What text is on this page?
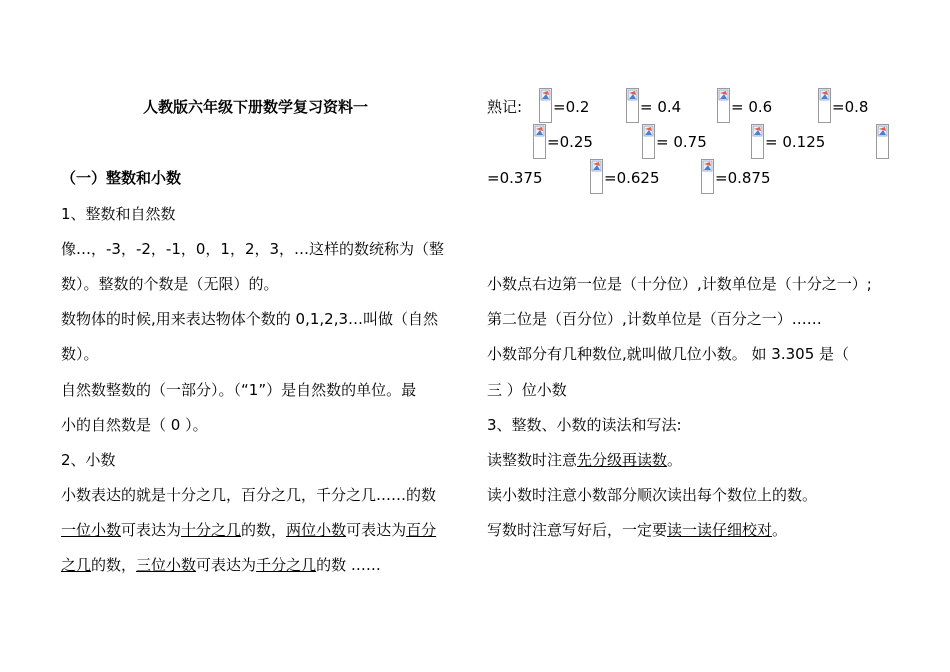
人教版六年级下册数学复习资料一
（一）整数和小数
1、整数和自然数
像…，-3，-2，-1，0，1，2，3，…这样的数统称为（整
数）。整数的个数是（无限）的。
数物体的时候,用来表达物体个数的 0,1,2,3…叫做（自然
数）。
自然数整数的（一部分）。（“1”）是自然数的单位。最
小的自然数是（ 0 ）。
2、小数
小数表达的就是十分之几，百分之几，千分之几……的数
一位小数可表达为十分之几的数，两位小数可表达为百分
之几的数，三位小数可表达为千分之几的数 ……
熟记: =0.2	= 0.4	= 0.6	=0.8
=0.25	= 0.75	= 0.125
=0.375	=0.625	=0.875
小数点右边第一位是（十分位）,计数单位是（十分之一）;
第二位是（百分位）,计数单位是（百分之一）……
小数部分有几种数位,就叫做几位小数。 如 3.305 是（
三 ）位小数
3、整数、小数的读法和写法:
读整数时注意先分级再读数。
读小数时注意小数部分顺次读出每个数位上的数。
写数时注意写好后，一定要读一读仔细校对。
